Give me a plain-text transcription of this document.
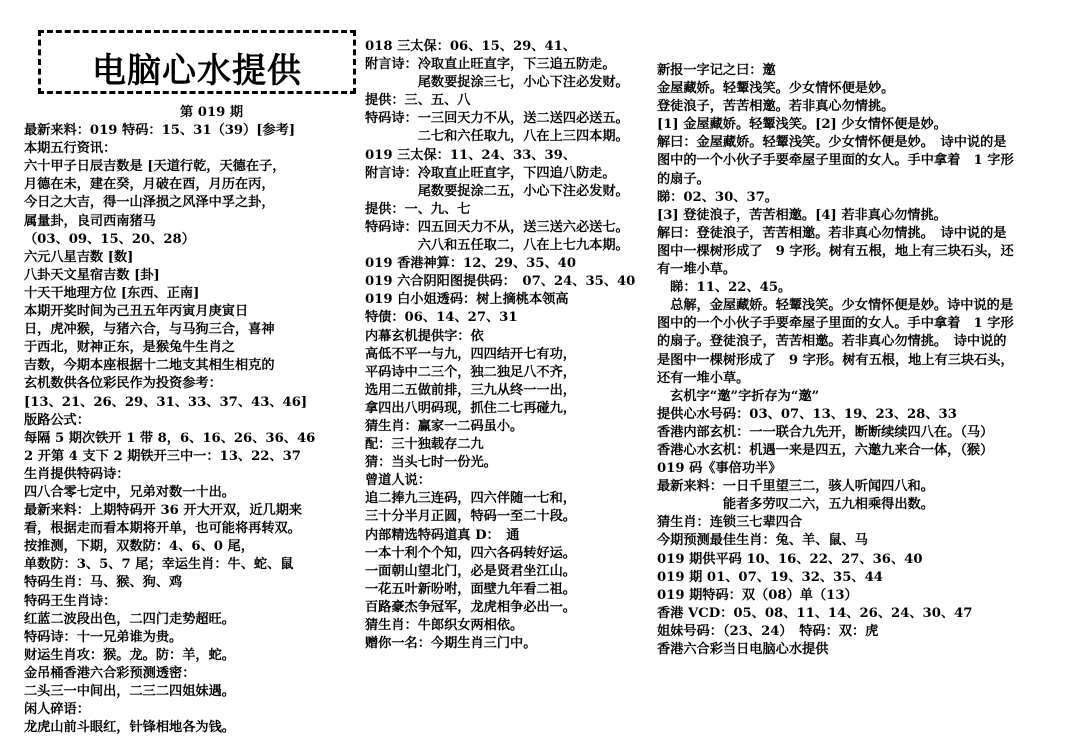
电脑心水提供
第 019 期
最新来料：019 特码：15、31（39）[参考]
本期五行资讯：
六十甲子日辰吉数是 [天道行乾，天德在子，
月德在未，建在癸，月破在酉，月历在丙，
今日之大吉，得一山泽损之风泽中孚之卦，
属量卦，良司西南猪马
（03、09、15、20、28）
六元八星吉数 [数]
八卦天文星宿吉数 [卦]
十天干地理方位 [东西、正南]
本期开奖时间为己丑五年丙寅月庚寅日
日，虎冲猴，与猪六合，与马狗三合，喜神
于西北，财神正东，是猴兔牛生肖之
吉数，今期本座根据十二地支其相生相克的
玄机数供各位彩民作为投资参考：
[13、21、26、29、31、33、37、43、46]
版路公式：
每隔 5 期次铁开 1 带 8，6、16、26、36、46
2 开第 4 支下 2 期铁开三中一：13、22、37
生肖提供特码诗：
四八合零七定中，兄弟对数一十出。
最新来料：上期特码开 36 开大开双，近几期来
看，根据走而看本期将开单，也可能将再转双。
按推测，下期，双数防：4、6、0 尾，
单数防：3、5、7 尾；幸运生肖：牛、蛇、鼠
特码生肖：马、猴、狗、鸡
特码王生肖诗：
红蓝二波段出色，二四门走势超旺。
特码诗：十一兄弟谁为贵。
财运生肖攻：猴。龙。防：羊，蛇。
金吊桶香港六合彩预测透密：
二头三一中间出，二三二四姐妹遇。
闲人碎语：
龙虎山前斗眼红，针锋相地各为钱。
018 三太保：06、15、29、41、
附言诗：冷取直止旺直字，下三追五防走。
　　　　尾数要捉涂三七，小心下注必发财。
提供：三、五、八
特码诗：一三回天力不从，送二送四必送五。
　　　　二七和六任取九，八在上三四本期。
019 三太保：11、24、33、39、
附言诗：冷取直止旺直字，下四追八防走。
　　　　尾数要捉涂二五，小心下注必发财。
提供：一、九、七
特码诗：四五回天力不从，送三送六必送七。
　　　　六八和五任取二，八在上七九本期。
019 香港神算：12、29、35、40
019 六合阴阳图提供码：　07、24、35、40
019 白小姐透码：树上摘桃本领高
特债：06、14、27、31
内幕玄机提供字：依
高低不平一与九，四四结开七有功，
平码诗中二三个，独二独足八不齐，
选用二五做前排，三九从终一一出，
拿四出八明码现，抓住二七再碰九，
猜生肖：赢家一二码虽小。
配：三十独载存二九
猜：当头七时一份光。
曾道人说：
追二捧九三连码，四六伴随一七和，
三十分半月正圆，特码一至二十段。
内部精选特码道真 D：　通
一本十利个个知，四六各码转好运。
一面朝山望北门，必是贤君坐江山。
一花五叶新吩咐，面壁九年看二祖。
百路豪杰争冠军，龙虎相争必出一。
猜生肖：牛郎织女两相依。
赠你一名：今期生肖三门中。
新报一字记之曰：邀
金屋藏娇。轻颦浅笑。少女情怀便是妙。
登徒浪子，苦苦相邀。若非真心勿情挑。
[1] 金屋藏娇。轻颦浅笑。[2] 少女情怀便是妙。
解曰：金屋藏娇。轻颦浅笑。少女情怀便是妙。　诗中说的是
图中的一个小伙子手要牵屋子里面的女人。手中拿着　1 字形
的扇子。
睇：02、30、37。
[3] 登徒浪子，苦苦相邀。[4] 若非真心勿情挑。
解曰：登徒浪子，苦苦相邀。若非真心勿情挑。　诗中说的是
图中一棵树形成了　9 字形。树有五根，地上有三块石头，还
有一堆小草。
　睇：11、22、45。
　总解，金屋藏娇。轻颦浅笑。少女情怀便是妙。诗中说的是
图中的一个小伙子手要牵屋子里面的女人。手中拿着　1 字形
的扇子。登徒浪子，苦苦相邀。若非真心勿情挑。　诗中说的
是图中一棵树形成了　9 字形。树有五根，地上有三块石头，
还有一堆小草。
　玄机字“邀”字折存为“邀”
提供心水号码：03、07、13、19、23、28、33
香港内部玄机：一一联合九先开，断断续续四八在。（马）
香港心水玄机：机遇一来是四五，六邀九来合一体，（猴）
019 码《事倍功半》
最新来料：一日千里望三二，骇人听闻四八和。
　　　　　能者多劳叹二六，五九相乘得出数。
猜生肖：连锁三七辈四合
今期预测最佳生肖：兔、羊、鼠、马
019 期供平码 10、16、22、27、36、40
019 期 01、07、19、32、35、44
019 期特码：双（08）单（13）
香港 VCD：05、08、11、14、26、24、30、47
姐妹号码：（23、24）　特码：双：虎
香港六合彩当日电脑心水提供
